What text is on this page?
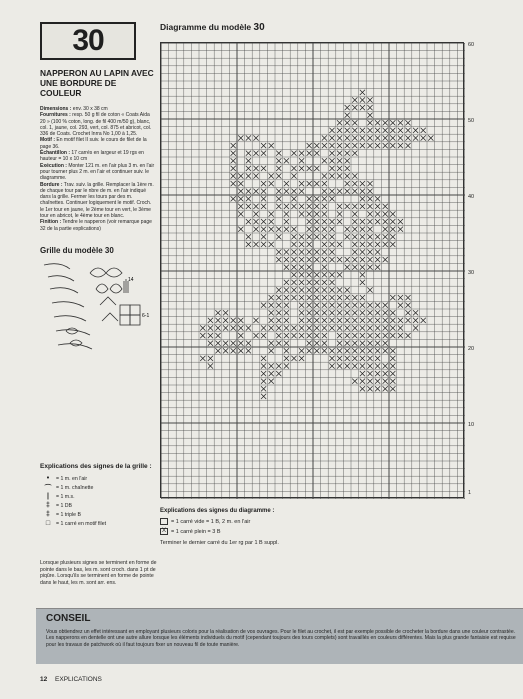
30
NAPPERON AU LAPIN AVEC UNE BORDURE DE COULEUR

Dimensions : env. 30 x 38 cm

Fournitures : resp. 50 g fil de coton « Coats Aida 20 » (100 % coton, long. de fil 400 m/50 g), blanc, col. 1, jaune, col. 293, vert, col. 875 et abricot, col. 336 de Coats. Crochet Inrra No 1,00 à 1,25.

Motif : En motif filet II suiv. le cours de filet de la page 36.

Échantillon : 17 carrés en largeur et 19 rgs en hauteur = 10 x 10 cm

Exécution : Monter 121 m. en l'air plus 3 m. en l'air pour tourner plus 2 m. en l'air et continuer suiv. le diagramme.

Bordure : Trav. suiv. la grille. Remplacer la 1ère m. de chaque tour par le nbre de m. en l'air indiqué dans la grille. Fermer les tours par des m. chaînettes. Continuer logiquement le motif. Croch. le 1er tour en jaune, le 2ème tour en vert, le 3ème tour en abricot, le 4ème tour en blanc.

Finition : Tendre le napperon (voir remarque page 32 de la partie explications)

Grille du modèle 30
14
6-1
Explications des signes de la grille :
•	= 1 m. en l'air
⌒ = 1 m. chaînette
|	= 1 m.s.
‡	= 1 DB
‡	= 1 triple B
□	= 1 carré en motif filet
Lorsque plusieurs signes se terminent en forme de pointe dans le bas, les m. sont croch. dans 1 pt de piqûre. Lorsqu'ils se terminent en forme de pointe dans le haut, les m. sont arr. ens.
Diagramme du modèle 30
60
50
40
30
20
10
1
Explications des signes du diagramme :
= 1 carré vide = 1 B, 2 m. en l'air
X = 1 carré plein = 3 B
Terminer le dernier carré du 1er rg par 1 B suppl.
CONSEIL
Vous obtiendrez un effet intéressant en employant plusieurs coloris pour la réalisation de vos ouvrages. Pour le filet au crochet, il est par exemple possible de crocheter la bordure dans une couleur contrastée. Les napperons en dentelle ont une autre allure lorsque les éléments individuels du motif (cependant toujours des tours complets) sont travaillés en couleurs différentes. Mais la plus grande fantaisie est requise pour les travaux de patchwork où il faut toujours fixer un nouveau fil de toute manière.
12 EXPLICATIONS
